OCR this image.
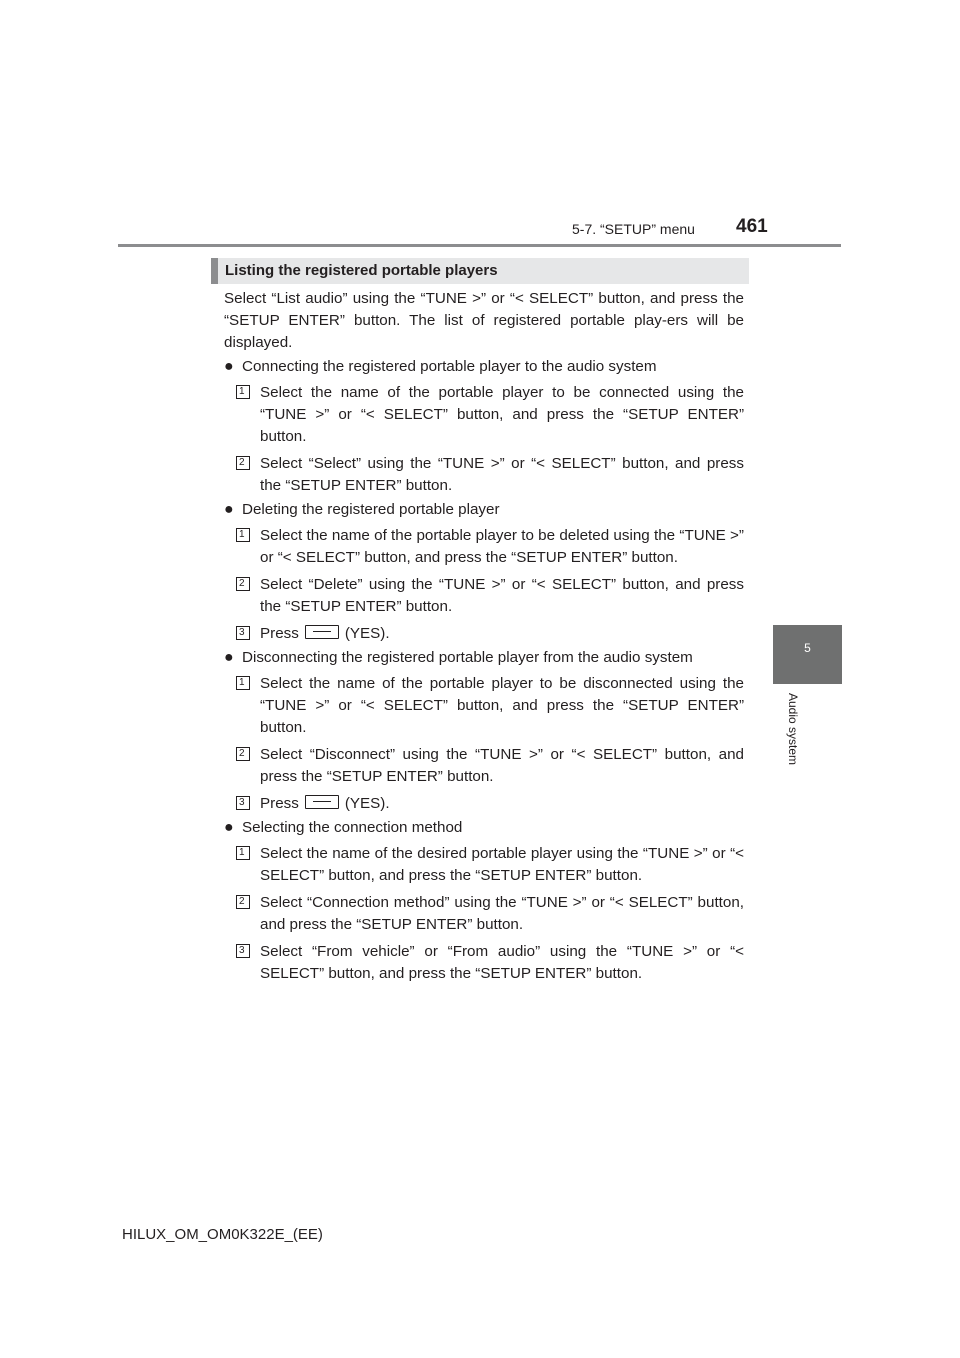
5-7. “SETUP” menu 461
5
Audio system
Listing the registered portable players

Select “List audio” using the “TUNE >” or “< SELECT” button, and press the “SETUP ENTER” button. The list of registered portable play-ers will be displayed.

● Connecting the registered portable player to the audio system
1	Select the name of the portable player to be connected using the “TUNE >” or “< SELECT” button, and press the “SETUP ENTER” button.
2	Select “Select” using the “TUNE >” or “< SELECT” button, and press the “SETUP ENTER” button.
● Deleting the registered portable player
1	Select the name of the portable player to be deleted using the “TUNE >” or “< SELECT” button, and press the “SETUP ENTER” button.
2	Select “Delete” using the “TUNE >” or “< SELECT” button, and press the “SETUP ENTER” button.
3	Press	(YES).
● Disconnecting the registered portable player from the audio system
1	Select the name of the portable player to be disconnected using the “TUNE >” or “< SELECT” button, and press the “SETUP ENTER” button.
2	Select “Disconnect” using the “TUNE >” or “< SELECT” button, and press the “SETUP ENTER” button.
3	Press	(YES).
● Selecting the connection method
1	Select the name of the desired portable player using the “TUNE >” or “< SELECT” button, and press the “SETUP ENTER” button.
2	Select “Connection method” using the “TUNE >” or “< SELECT” button, and press the “SETUP ENTER” button.
3	Select “From vehicle” or “From audio” using the “TUNE >” or “< SELECT” button, and press the “SETUP ENTER” button.
HILUX_OM_OM0K322E_(EE)
